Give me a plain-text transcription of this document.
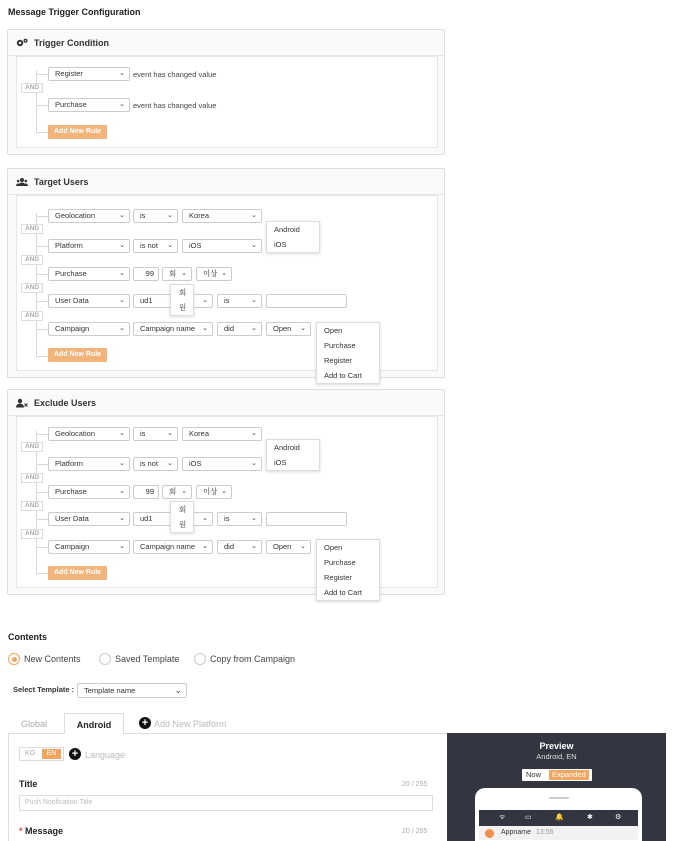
Message Trigger Configuration
Trigger Condition
Register	⌄ event has changed value
AND
Purchase	⌄ event has changed value
Add New Rule
Target Users
Geolocation	⌄	is	⌄	Korea	⌄
AND
Platform	⌄	is not ⌄	iOS	⌄
AND
Purchase	⌄	99	회 ⌄	이상 ⌄
AND
User Data	⌄	ud1	⌄	is	⌄
AND
Campaign	⌄	Campaign name ⌄	did ⌄	Open ⌄
Add New Rule
Android
iOS
회
원
Open
Purchase
Register
Add to Cart
Exclude Users
Geolocation	⌄	is	⌄	Korea	⌄
AND
Platform	⌄	is not ⌄	iOS	⌄
AND
Purchase	⌄	99	회 ⌄	이상 ⌄
AND
User Data	⌄	ud1	⌄	is	⌄
AND
Campaign	⌄	Campaign name ⌄	did ⌄	Open ⌄
Add New Rule
Android
iOS
회
원
Open
Purchase
Register
Add to Cart
Contents
New Contents	Saved Template	Copy from Campaign
Select Template :	Template name	⌄
Global	Android	+ Add New Platform
KO	EN	+ Language
Title	20 / 255
Push Notification Title
* Message	20 / 255
Preview
Android, EN
Now	Expanded
ᯤ	▭	🔔	✱	⚙
Appname 13:56
